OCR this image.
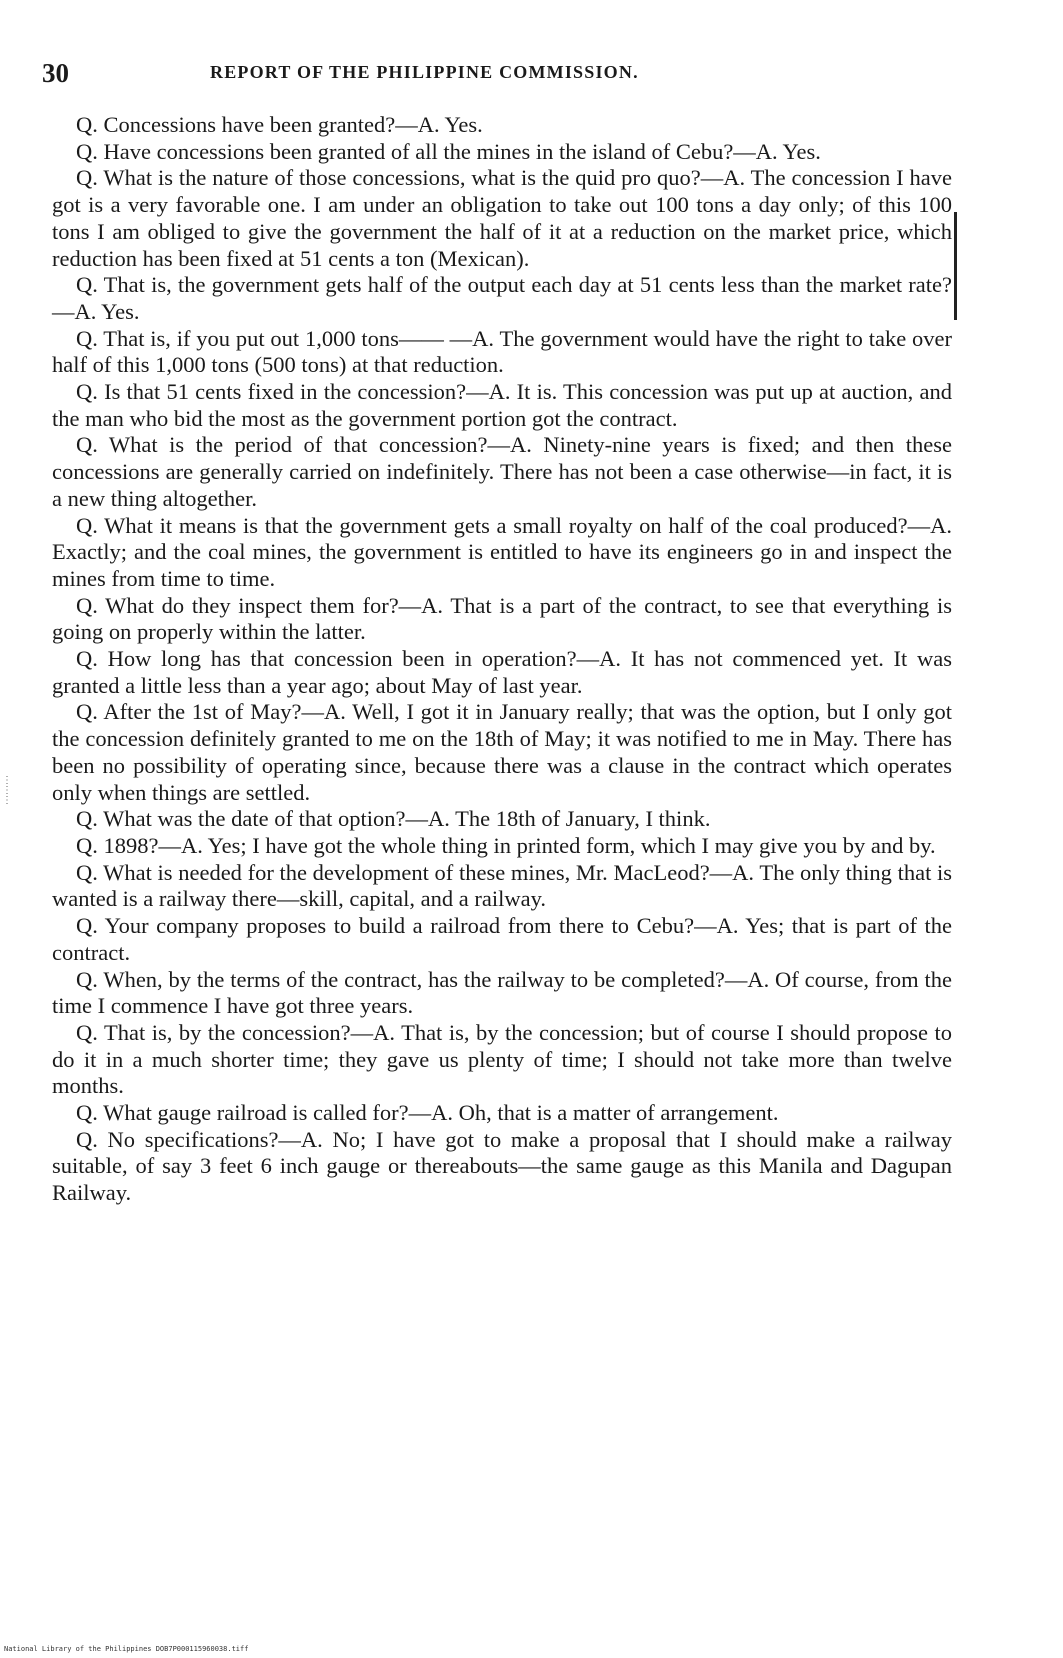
30	REPORT OF THE PHILIPPINE COMMISSION.
⋮
⋮
⋮

Q. Concessions have been granted?—A. Yes.

Q. Have concessions been granted of all the mines in the island of Cebu?—A. Yes.

Q. What is the nature of those concessions, what is the quid pro quo?—A. The concession I have got is a very favorable one. I am under an obligation to take out 100 tons a day only; of this 100 tons I am obliged to give the government the half of it at a reduction on the market price, which reduction has been fixed at 51 cents a ton (Mexican).

Q. That is, the government gets half of the output each day at 51 cents less than the market rate?—A. Yes.

Q. That is, if you put out 1,000 tons—— —A. The government would have the right to take over half of this 1,000 tons (500 tons) at that reduction.

Q. Is that 51 cents fixed in the concession?—A. It is. This concession was put up at auction, and the man who bid the most as the government portion got the contract.

Q. What is the period of that concession?—A. Ninety-nine years is fixed; and then these concessions are generally carried on indefinitely. There has not been a case otherwise—in fact, it is a new thing altogether.

Q. What it means is that the government gets a small royalty on half of the coal produced?—A. Exactly; and the coal mines, the government is entitled to have its engineers go in and inspect the mines from time to time.

Q. What do they inspect them for?—A. That is a part of the contract, to see that everything is going on properly within the latter.

Q. How long has that concession been in operation?—A. It has not commenced yet. It was granted a little less than a year ago; about May of last year.

Q. After the 1st of May?—A. Well, I got it in January really; that was the option, but I only got the concession definitely granted to me on the 18th of May; it was notified to me in May. There has been no possibility of operating since, because there was a clause in the contract which operates only when things are settled.

Q. What was the date of that option?—A. The 18th of January, I think.

Q. 1898?—A. Yes; I have got the whole thing in printed form, which I may give you by and by.

Q. What is needed for the development of these mines, Mr. MacLeod?—A. The only thing that is wanted is a railway there—skill, capital, and a railway.

Q. Your company proposes to build a railroad from there to Cebu?—A. Yes; that is part of the contract.

Q. When, by the terms of the contract, has the railway to be completed?—A. Of course, from the time I commence I have got three years.

Q. That is, by the concession?—A. That is, by the concession; but of course I should propose to do it in a much shorter time; they gave us plenty of time; I should not take more than twelve months.

Q. What gauge railroad is called for?—A. Oh, that is a matter of arrangement.

Q. No specifications?—A. No; I have got to make a proposal that I should make a railway suitable, of say 3 feet 6 inch gauge or thereabouts—the same gauge as this Manila and Dagupan Railway.

National Library of the Philippines DOB7P000115960038.tiff
